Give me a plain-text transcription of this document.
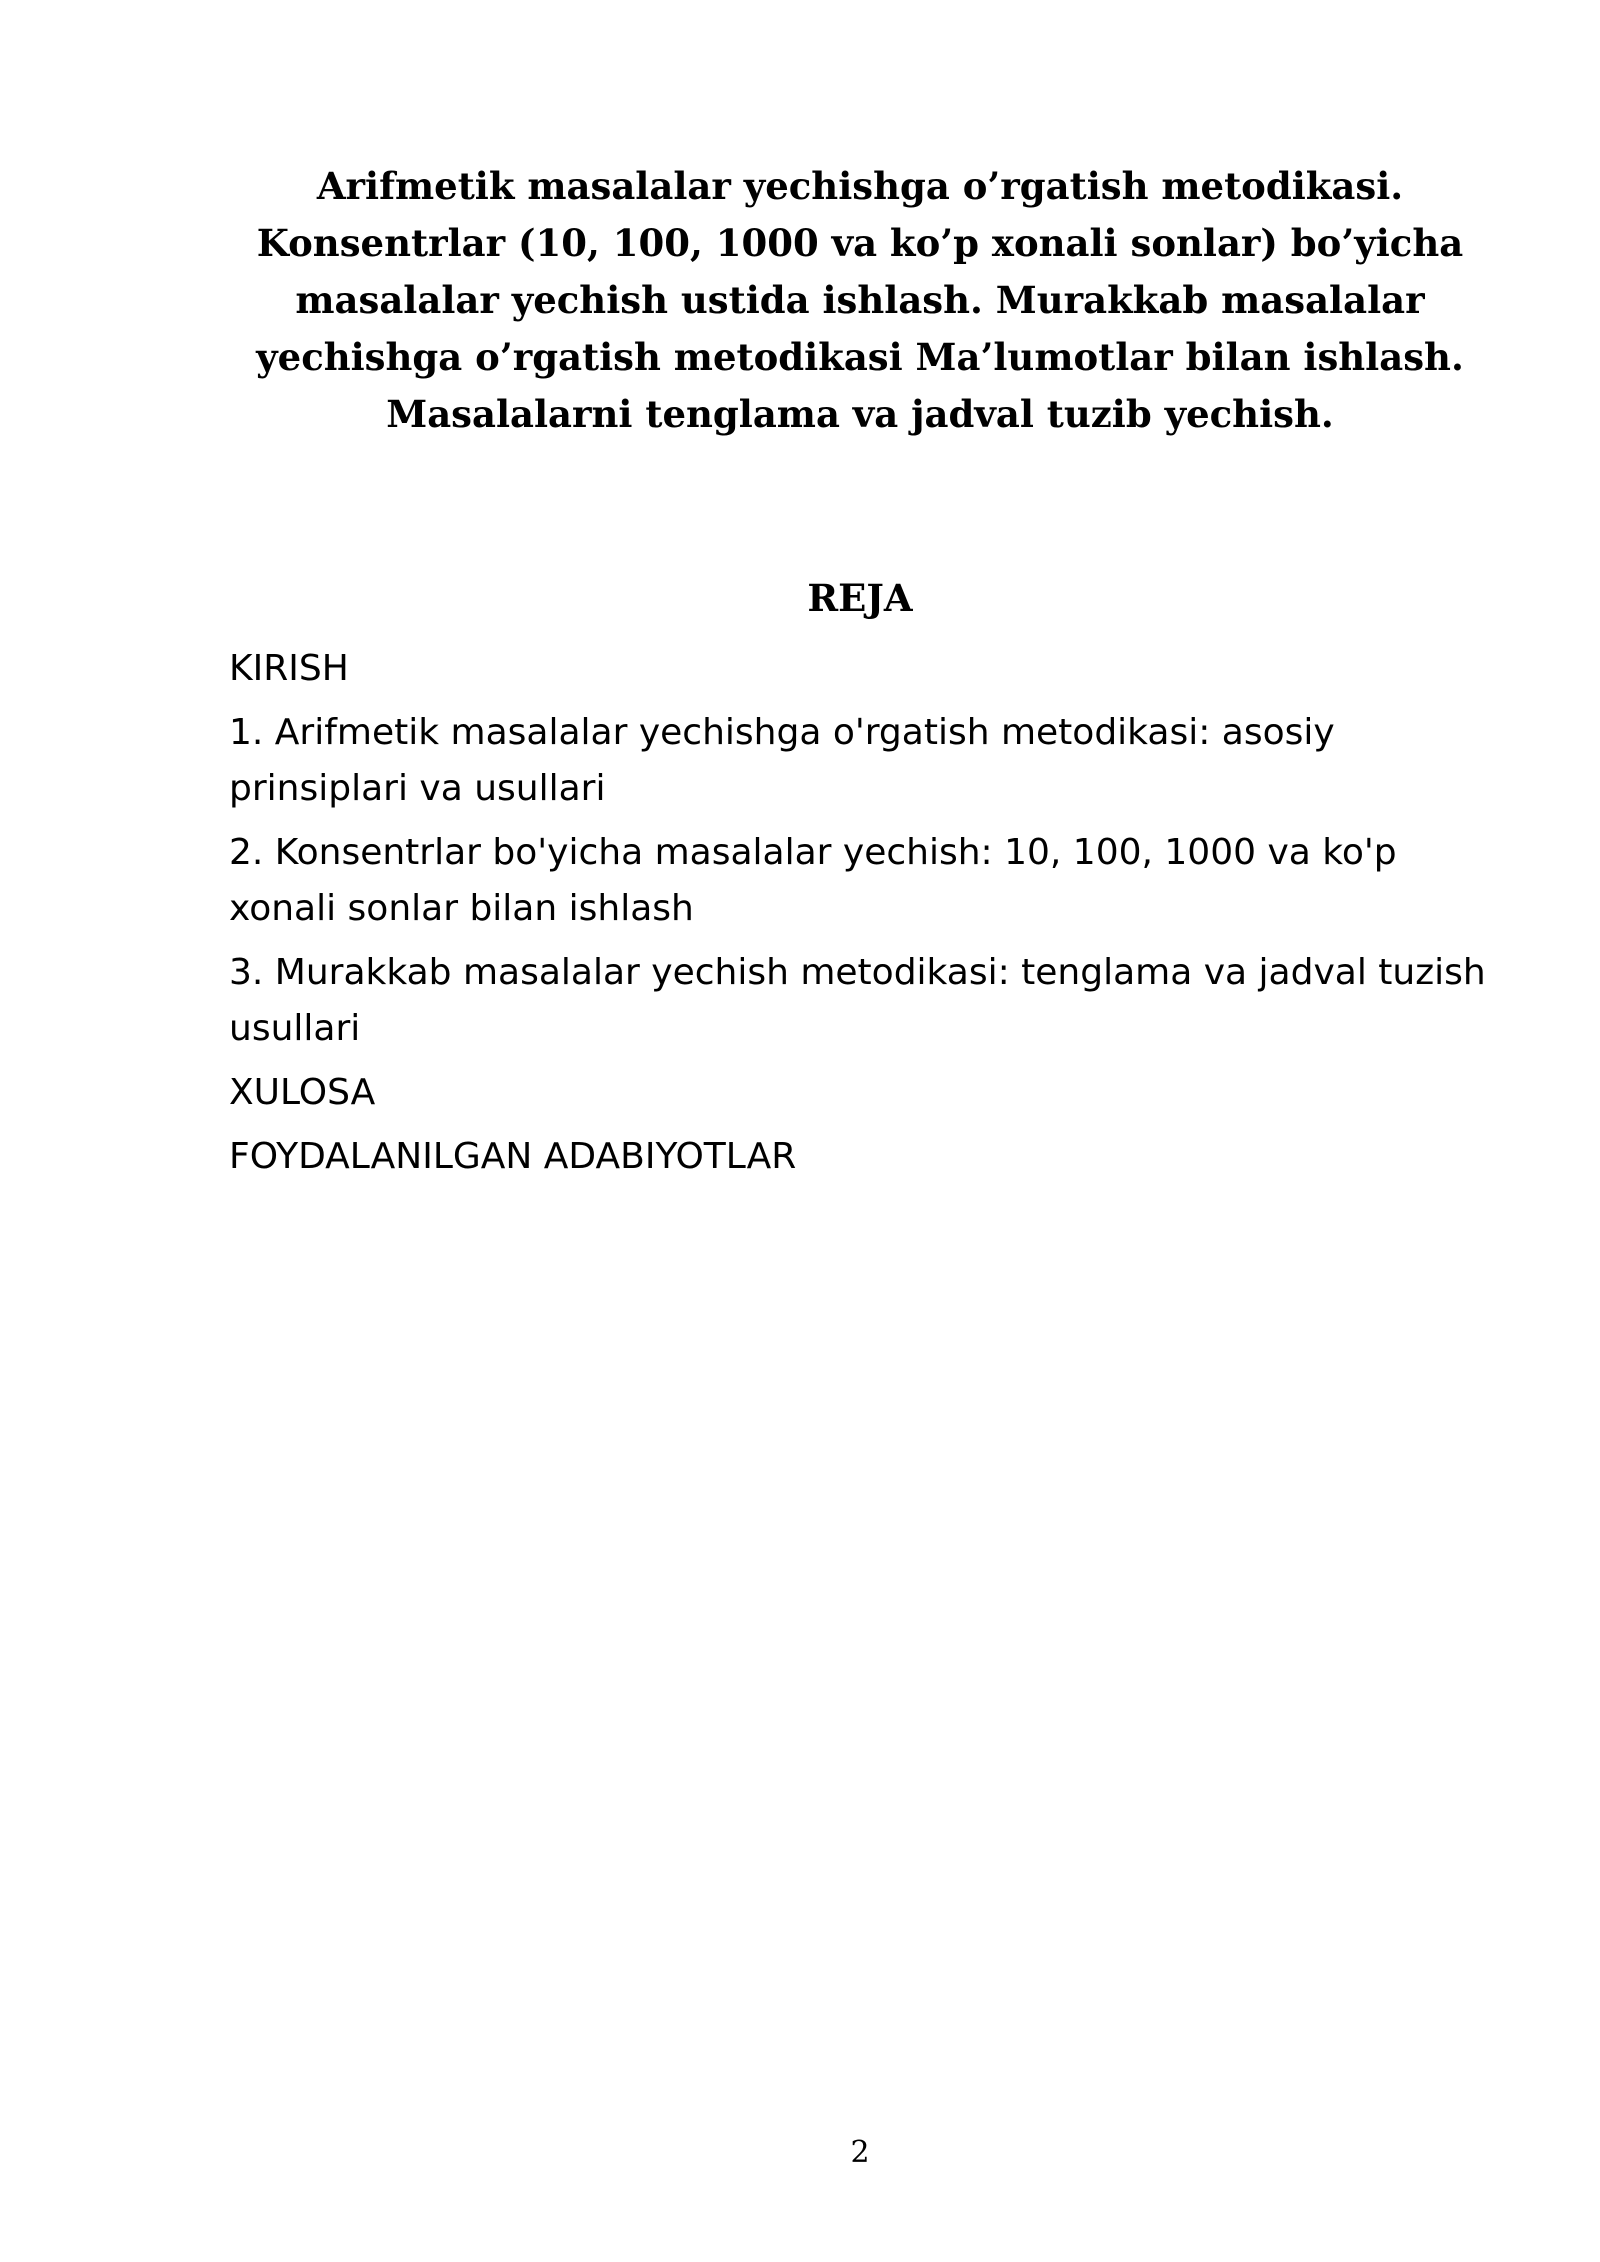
Arifmetik masalalar yechishga o’rgatish metodikasi. Konsentrlar (10, 100, 1000 va ko’p xonali sonlar) bo’yicha masalalar yechish ustida ishlash. Murakkab masalalar yechishga o’rgatish metodikasi Ma’lumotlar bilan ishlash. Masalalarni tenglama va jadval tuzib yechish.
REJA
KIRISH
1. Arifmetik masalalar yechishga o'rgatish metodikasi: asosiy prinsiplari va usullari
2. Konsentrlar bo'yicha masalalar yechish: 10, 100, 1000 va ko'p xonali sonlar bilan ishlash
3. Murakkab masalalar yechish metodikasi: tenglama va jadval tuzish usullari
XULOSA
FOYDALANILGAN ADABIYOTLAR
2
